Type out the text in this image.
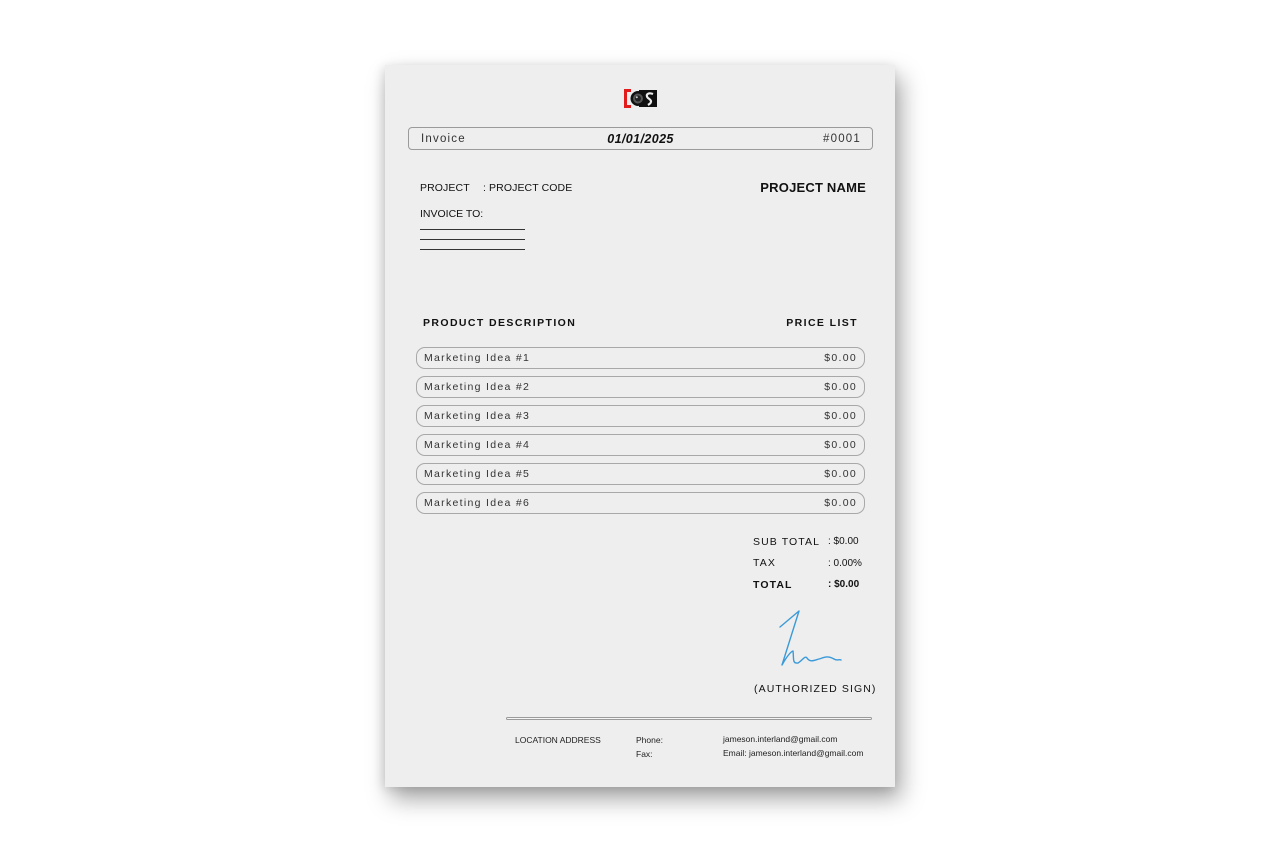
Invoice	01/01/2025	#0001
PROJECT : PROJECT CODE	PROJECT NAME
INVOICE TO:
PRODUCT DESCRIPTION	PRICE LIST
Marketing Idea #1	$0.00
Marketing Idea #2	$0.00
Marketing Idea #3	$0.00
Marketing Idea #4	$0.00
Marketing Idea #5	$0.00
Marketing Idea #6	$0.00
SUB TOTAL : $0.00
TAX	: 0.00%
TOTAL	: $0.00
(AUTHORIZED SIGN)
LOCATION ADDRESS	Phone:
Fax:
jameson.interland@gmail.com
Email: jameson.interland@gmail.com
